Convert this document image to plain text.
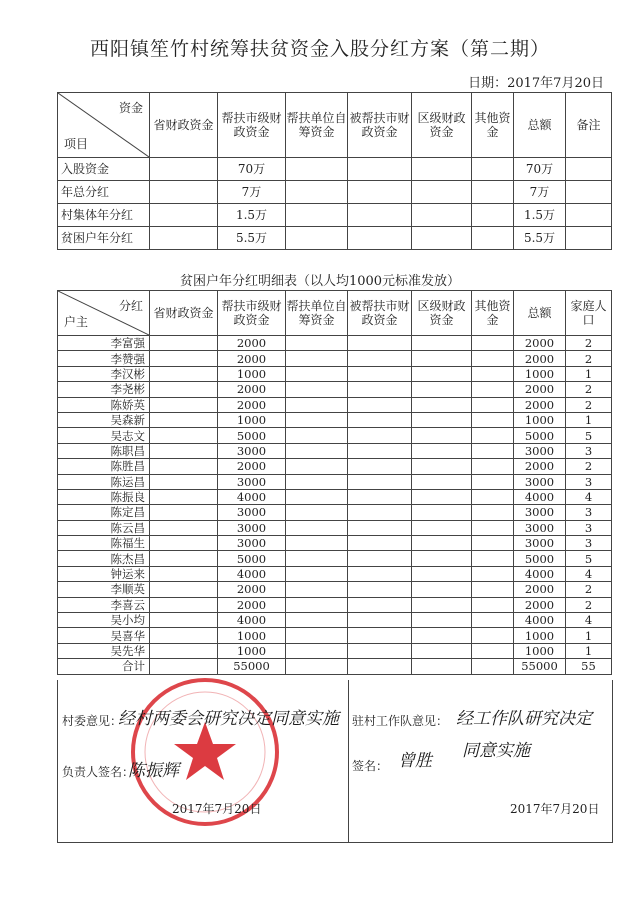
西阳镇笙竹村统筹扶贫资金入股分红方案（第二期）
日期：2017年7月20日
资金
项目	省财政资金	帮扶市级财政资金	帮扶单位自筹资金	被帮扶市财政资金	区级财政资金	其他资金	总额	备注
入股资金		70万					70万	
年总分红		7万					7万	
村集体年分红		1.5万					1.5万	
贫困户年分红		5.5万					5.5万	
贫困户年分红明细表（以人均1000元标准发放）
分红
户主	省财政资金	帮扶市级财政资金	帮扶单位自筹资金	被帮扶市财政资金	区级财政资金	其他资金	总额	家庭人口
李富强		2000					2000	2
李赞强		2000					2000	2
李汉彬		1000					1000	1
李尧彬		2000					2000	2
陈娇英		2000					2000	2
吴森新		1000					1000	1
吴志文		5000					5000	5
陈职昌		3000					3000	3
陈胜昌		2000					2000	2
陈运昌		3000					3000	3
陈振良		4000					4000	4
陈定昌		3000					3000	3
陈云昌		3000					3000	3
陈福生		3000					3000	3
陈杰昌		5000					5000	5
钟运来		4000					4000	4
李顺英		2000					2000	2
李喜云		2000					2000	2
吴小均		4000					4000	4
吴喜华		1000					1000	1
吴先华		1000					1000	1
合计		55000					55000	55
村委意见：
经村两委会研究决定同意实施
负责人签名：
陈振辉
2017年7月20日
驻村工作队意见： 经工作队研究决定
签名： 曾胜 同意实施
2017年7月20日
